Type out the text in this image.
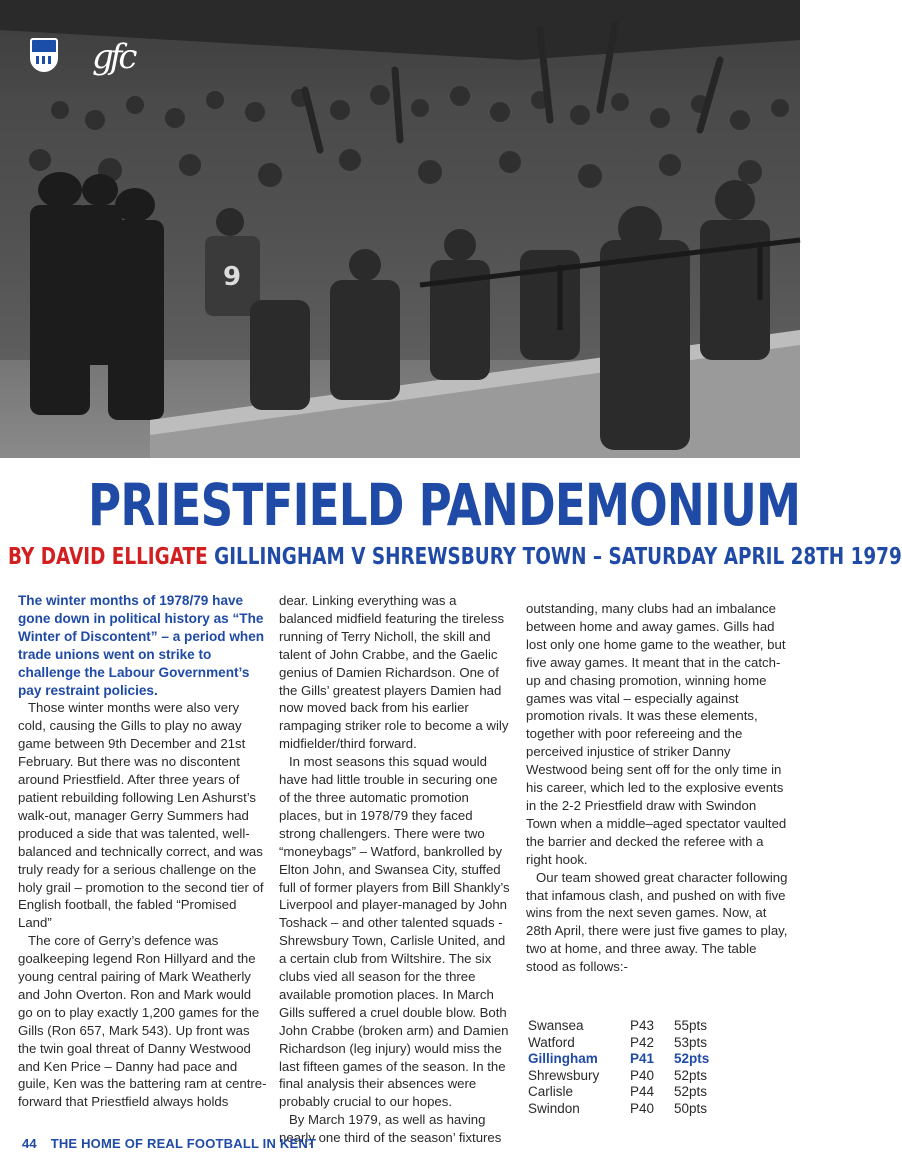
9
gfc
PRIESTFIELD PANDEMONIUM
BY DAVID ELLIGATE GILLINGHAM V SHREWSBURY TOWN – SATURDAY APRIL 28TH 1979

The winter months of 1978/79 have gone down in political history as “The Winter of Discontent” – a period when trade unions went on strike to challenge the Labour Government’s pay restraint policies.

Those winter months were also very cold, causing the Gills to play no away game between 9th December and 21st February. But there was no discontent around Priestfield. After three years of patient rebuilding following Len Ashurst’s walk-out, manager Gerry Summers had produced a side that was talented, well-balanced and technically correct, and was truly ready for a serious challenge on the holy grail – promotion to the second tier of English football, the fabled “Promised Land”

The core of Gerry’s defence was goalkeeping legend Ron Hillyard and the young central pairing of Mark Weatherly and John Overton. Ron and Mark would go on to play exactly 1,200 games for the Gills (Ron 657, Mark 543). Up front was the twin goal threat of Danny Westwood and Ken Price – Danny had pace and guile, Ken was the battering ram at centre-forward that Priestfield always holds

dear. Linking everything was a balanced midfield featuring the tireless running of Terry Nicholl, the skill and talent of John Crabbe, and the Gaelic genius of Damien Richardson. One of the Gills’ greatest players Damien had now moved back from his earlier rampaging striker role to become a wily midfielder/third forward.

In most seasons this squad would have had little trouble in securing one of the three automatic promotion places, but in 1978/79 they faced strong challengers. There were two “moneybags” – Watford, bankrolled by Elton John, and Swansea City, stuffed full of former players from Bill Shankly’s Liverpool and player-managed by John Toshack – and other talented squads - Shrewsbury Town, Carlisle United, and a certain club from Wiltshire. The six clubs vied all season for the three available promotion places. In March Gills suffered a cruel double blow. Both John Crabbe (broken arm) and Damien Richardson (leg injury) would miss the last fifteen games of the season. In the final analysis their absences were probably crucial to our hopes.

By March 1979, as well as having nearly one third of the season’ fixtures

outstanding, many clubs had an imbalance between home and away games. Gills had lost only one home game to the weather, but five away games. It meant that in the catch-up and chasing promotion, winning home games was vital – especially against promotion rivals. It was these elements, together with poor refereeing and the perceived injustice of striker Danny Westwood being sent off for the only time in his career, which led to the explosive events in the 2-2 Priestfield draw with Swindon Town when a middle–aged spectator vaulted the barrier and decked the referee with a right hook.

Our team showed great character following that infamous clash, and pushed on with five wins from the next seven games. Now, at 28th April, there were just five games to play, two at home, and three away. The table stood as follows:-

Swansea	P43	55pts
Watford	P42	53pts
Gillingham	P41	52pts
Shrewsbury	P40	52pts
Carlisle	P44	52pts
Swindon	P40	50pts
44 THE HOME OF REAL FOOTBALL IN KENT
